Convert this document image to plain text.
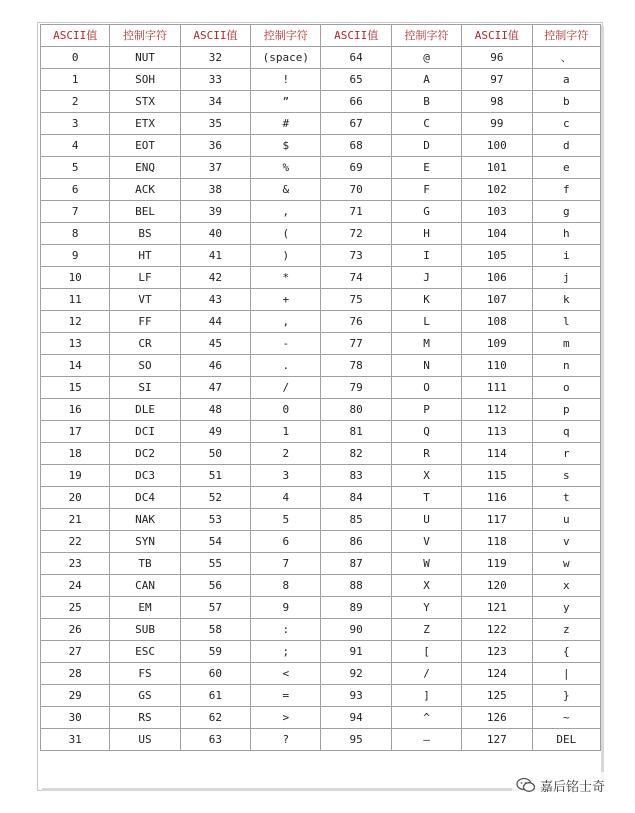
ASCII值	控制字符	ASCII值	控制字符	ASCII值	控制字符	ASCII值	控制字符
0	NUT	32	(space)	64	@	96	、
1	SOH	33	!	65	A	97	a
2	STX	34	”	66	B	98	b
3	ETX	35	#	67	C	99	c
4	EOT	36	$	68	D	100	d
5	ENQ	37	%	69	E	101	e
6	ACK	38	&	70	F	102	f
7	BEL	39	,	71	G	103	g
8	BS	40	(	72	H	104	h
9	HT	41	)	73	I	105	i
10	LF	42	*	74	J	106	j
11	VT	43	+	75	K	107	k
12	FF	44	,	76	L	108	l
13	CR	45	-	77	M	109	m
14	SO	46	.	78	N	110	n
15	SI	47	/	79	O	111	o
16	DLE	48	0	80	P	112	p
17	DCI	49	1	81	Q	113	q
18	DC2	50	2	82	R	114	r
19	DC3	51	3	83	X	115	s
20	DC4	52	4	84	T	116	t
21	NAK	53	5	85	U	117	u
22	SYN	54	6	86	V	118	v
23	TB	55	7	87	W	119	w
24	CAN	56	8	88	X	120	x
25	EM	57	9	89	Y	121	y
26	SUB	58	:	90	Z	122	z
27	ESC	59	;	91	[	123	{
28	FS	60	<	92	/	124	|
29	GS	61	=	93	]	125	}
30	RS	62	>	94	^	126	~
31	US	63	?	95	—	127	DEL
嘉后铭士奇
